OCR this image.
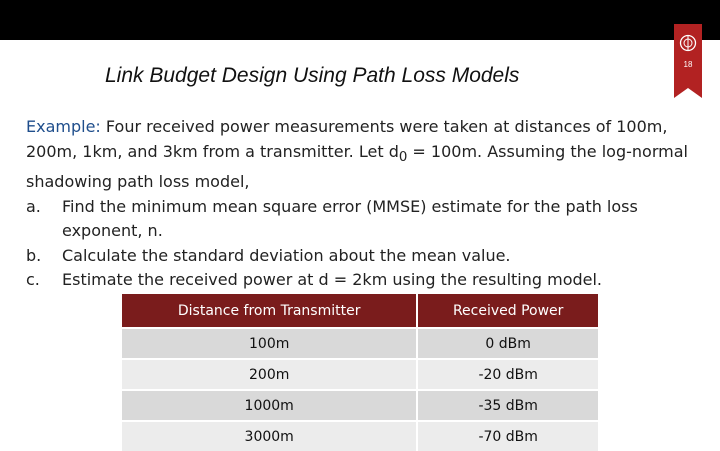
18
Link Budget Design Using Path Loss Models

Example: Four received power measurements were taken at distances of 100m, 200m, 1km, and 3km from a transmitter. Let $d_0 = 100m$. Assuming the log-normal shadowing path loss model,

a.	Find the minimum mean square error (MMSE) estimate for the path loss exponent, n.
b.	Calculate the standard deviation about the mean value.
c.	Estimate the received power at d = 2km using the resulting model.
Distance from Transmitter	Received Power
100m	0 dBm
200m	-20 dBm
1000m	-35 dBm
3000m	-70 dBm
